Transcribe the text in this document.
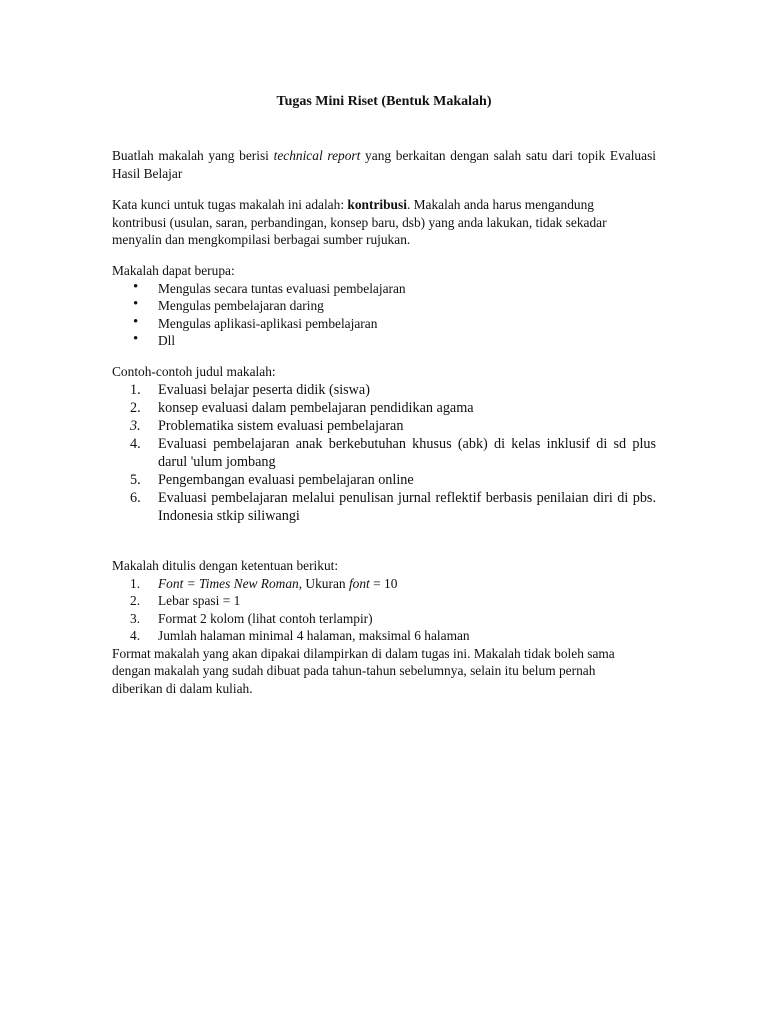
Tugas Mini Riset (Bentuk Makalah)

Buatlah makalah yang berisi technical report yang berkaitan dengan salah satu dari topik Evaluasi Hasil Belajar

Kata kunci untuk tugas makalah ini adalah: kontribusi. Makalah anda harus mengandung kontribusi (usulan, saran, perbandingan, konsep baru, dsb) yang anda lakukan, tidak sekadar menyalin dan mengkompilasi berbagai sumber rujukan.

Makalah dapat berupa:

• Mengulas secara tuntas evaluasi pembelajaran
• Mengulas pembelajaran daring
• Mengulas aplikasi-aplikasi pembelajaran
• Dll

Contoh-contoh judul makalah:

1. Evaluasi belajar peserta didik (siswa)
2. konsep evaluasi dalam pembelajaran pendidikan agama
3. Problematika sistem evaluasi pembelajaran
4. Evaluasi pembelajaran anak berkebutuhan khusus (abk) di kelas inklusif di sd plus darul 'ulum jombang
5. Pengembangan evaluasi pembelajaran online
6. Evaluasi pembelajaran melalui penulisan jurnal reflektif berbasis penilaian diri di pbs. Indonesia stkip siliwangi

Makalah ditulis dengan ketentuan berikut:

1. Font = Times New Roman, Ukuran font = 10
2. Lebar spasi = 1
3. Format 2 kolom (lihat contoh terlampir)
4. Jumlah halaman minimal 4 halaman, maksimal 6 halaman

Format makalah yang akan dipakai dilampirkan di dalam tugas ini. Makalah tidak boleh sama dengan makalah yang sudah dibuat pada tahun-tahun sebelumnya, selain itu belum pernah diberikan di dalam kuliah.
